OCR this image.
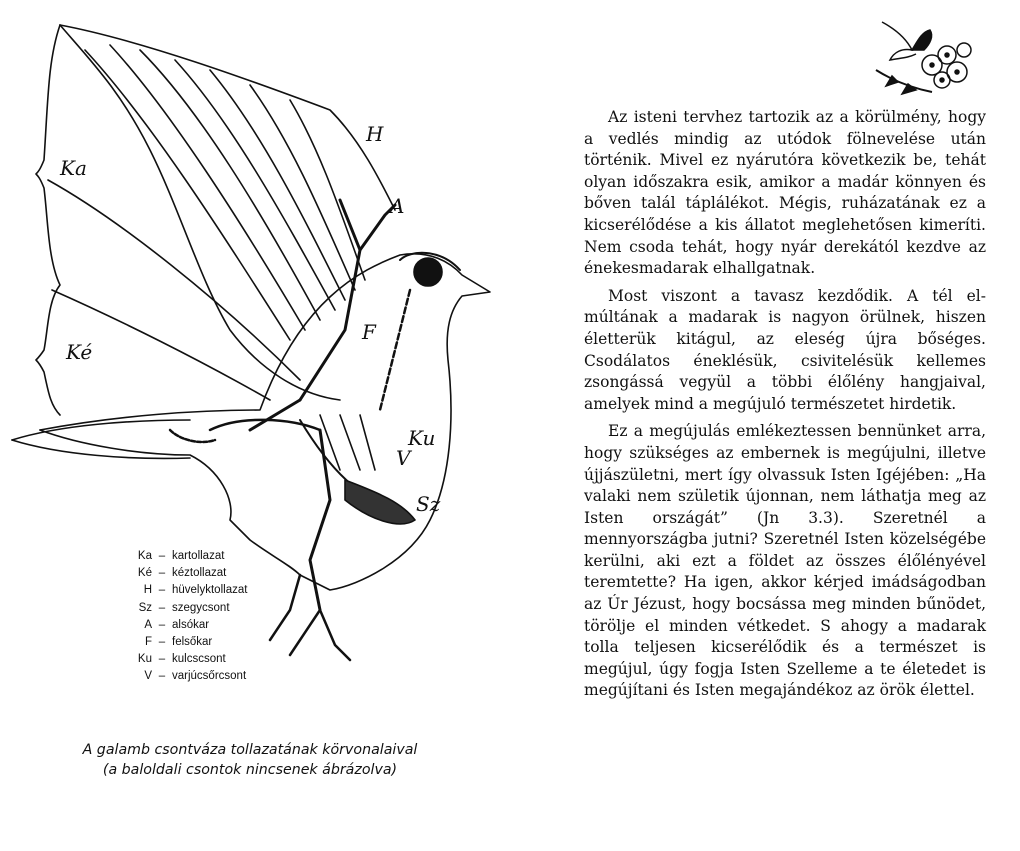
Ka
Ké
H
A
F
Ku
V
Sz
Ka – kartollazat
Ké – kéztollazat
H – hüvelyktollazat
Sz – szegycsont
A – alsókar
F – felsőkar
Ku – kulcscsont
V – varjúcsőrcsont
A galamb csontváza tollazatának körvonalaival
(a baloldali csontok nincsenek ábrázolva)

Az isteni tervhez tartozik az a körülmény, hogy a vedlés mindig az utódok fölnevelése után történik. Mivel ez nyárutóra következik be, tehát olyan időszakra esik, amikor a madár könnyen és bőven talál táplálékot. Mégis, ruházatának ez a kicserélődése a kis állatot meglehetősen kimeríti. Nem csoda tehát, hogy nyár derekától kezdve az énekesmadarak elhallgatnak.

Most viszont a tavasz kezdődik. A tél elmúltának a madarak is nagyon örülnek, hiszen életterük kitágul, az eleség újra bőséges. Csodálatos éneklésük, csivitelésük kellemes zsongássá vegyül a többi élőlény hangjaival, amelyek mind a megújuló természetet hirdetik.

Ez a megújulás emlékeztessen bennünket arra, hogy szükséges az embernek is megújulni, illetve újjászületni, mert így olvassuk Isten Igéjében: „Ha valaki nem születik újonnan, nem láthatja meg az Isten országát” (Jn 3.3). Szeretnél a mennyországba jutni? Szeretnél Isten közelségébe kerülni, aki ezt a földet az összes élőlényével teremtette? Ha igen, akkor kérjed imádságodban az Úr Jézust, hogy bocsássa meg minden bűnödet, törölje el minden vétkedet. S ahogy a madarak tolla teljesen kicserélődik és a természet is megújul, úgy fogja Isten Szelleme a te életedet is megújítani és Isten megajándékoz az örök élettel.
